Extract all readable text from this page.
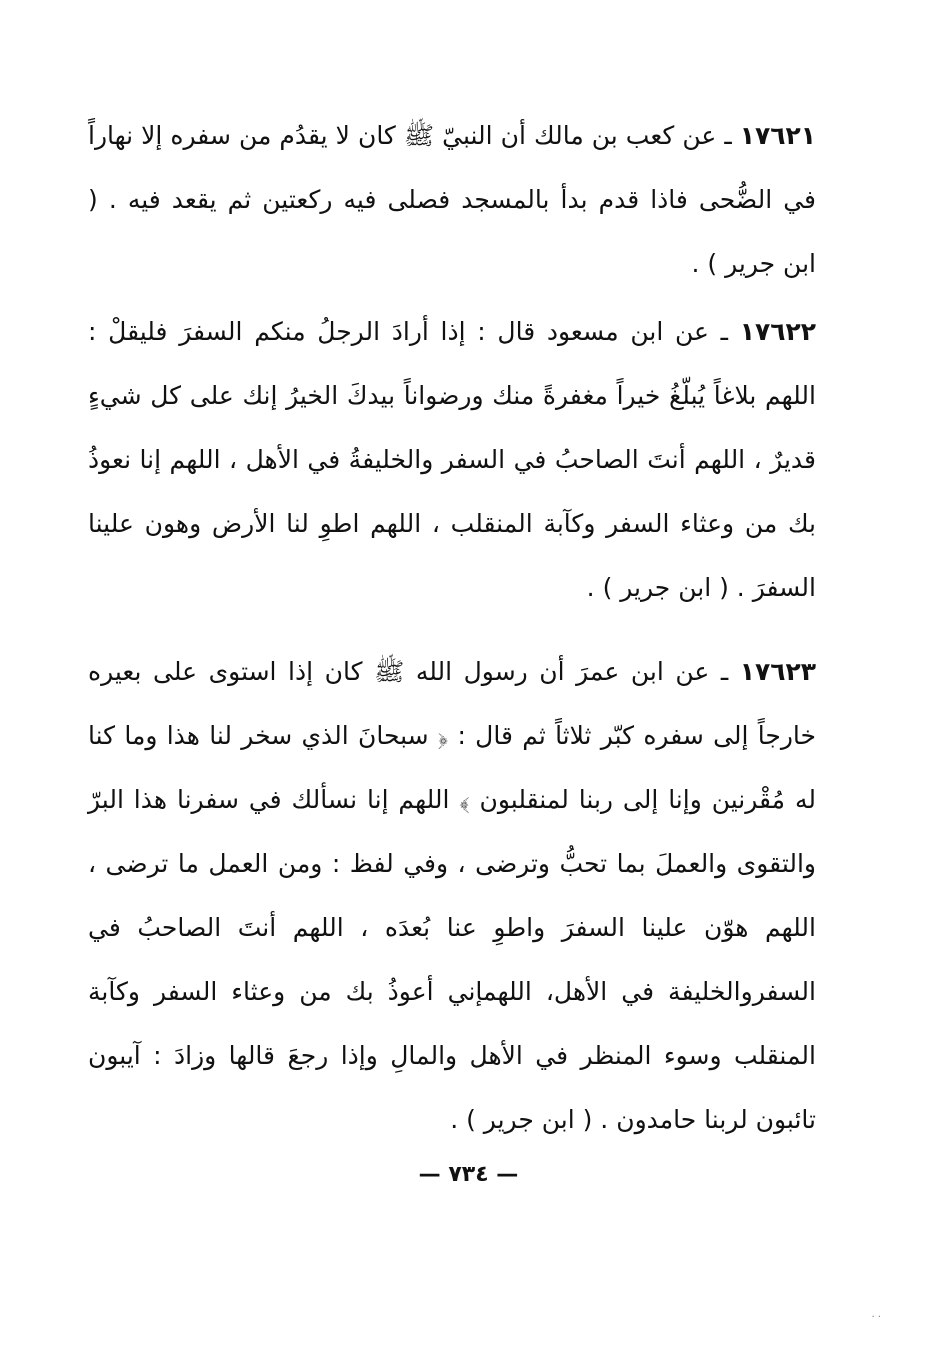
١٧٦٢١ ـ عن كعب بن مالك أن النبيّ ﷺ كان لا يقدُم من سفره إلا نهاراً في الضُّحى فاذا قدم بدأ بالمسجد فصلى فيه ركعتين ثم يقعد فيه . ( ابن جرير ) .
١٧٦٢٢ ـ عن ابن مسعود قال : إذا أرادَ الرجلُ منكم السفرَ فليقلْ : اللهم بلاغاً يُبلّغُ خيراً مغفرةً منك ورضواناً بيدكَ الخيرُ إنك على كل شيءٍ قديرٌ ، اللهم أنتَ الصاحبُ في السفر والخليفةُ في الأهل ، اللهم إنا نعوذُ بك من وعثاء السفر وكآبة المنقلب ، اللهم اطوِ لنا الأرض وهون علينا السفرَ . ( ابن جرير ) .
١٧٦٢٣ ـ عن ابن عمرَ أن رسول الله ﷺ كان إذا استوى على بعيره خارجاً إلى سفره كبّر ثلاثاً ثم قال : ﴿ سبحانَ الذي سخر لنا هذا وما كنا له مُقْرنين وإنا إلى ربنا لمنقلبون ﴾ اللهم إنا نسألك في سفرنا هذا البرّ والتقوى والعملَ بما تحبُّ وترضى ، وفي لفظ : ومن العمل ما ترضى ، اللهم هوّن علينا السفرَ واطوِ عنا بُعدَه ، اللهم أنتَ الصاحبُ في السفروالخليفة في الأهل، اللهمإني أعوذُ بك من وعثاء السفر وكآبة المنقلب وسوء المنظر في الأهل والمالِ وإذا رجعَ قالها وزادَ : آيبون تائبون لربنا حامدون . ( ابن جرير ) .
— ٧٣٤ —
· ·
